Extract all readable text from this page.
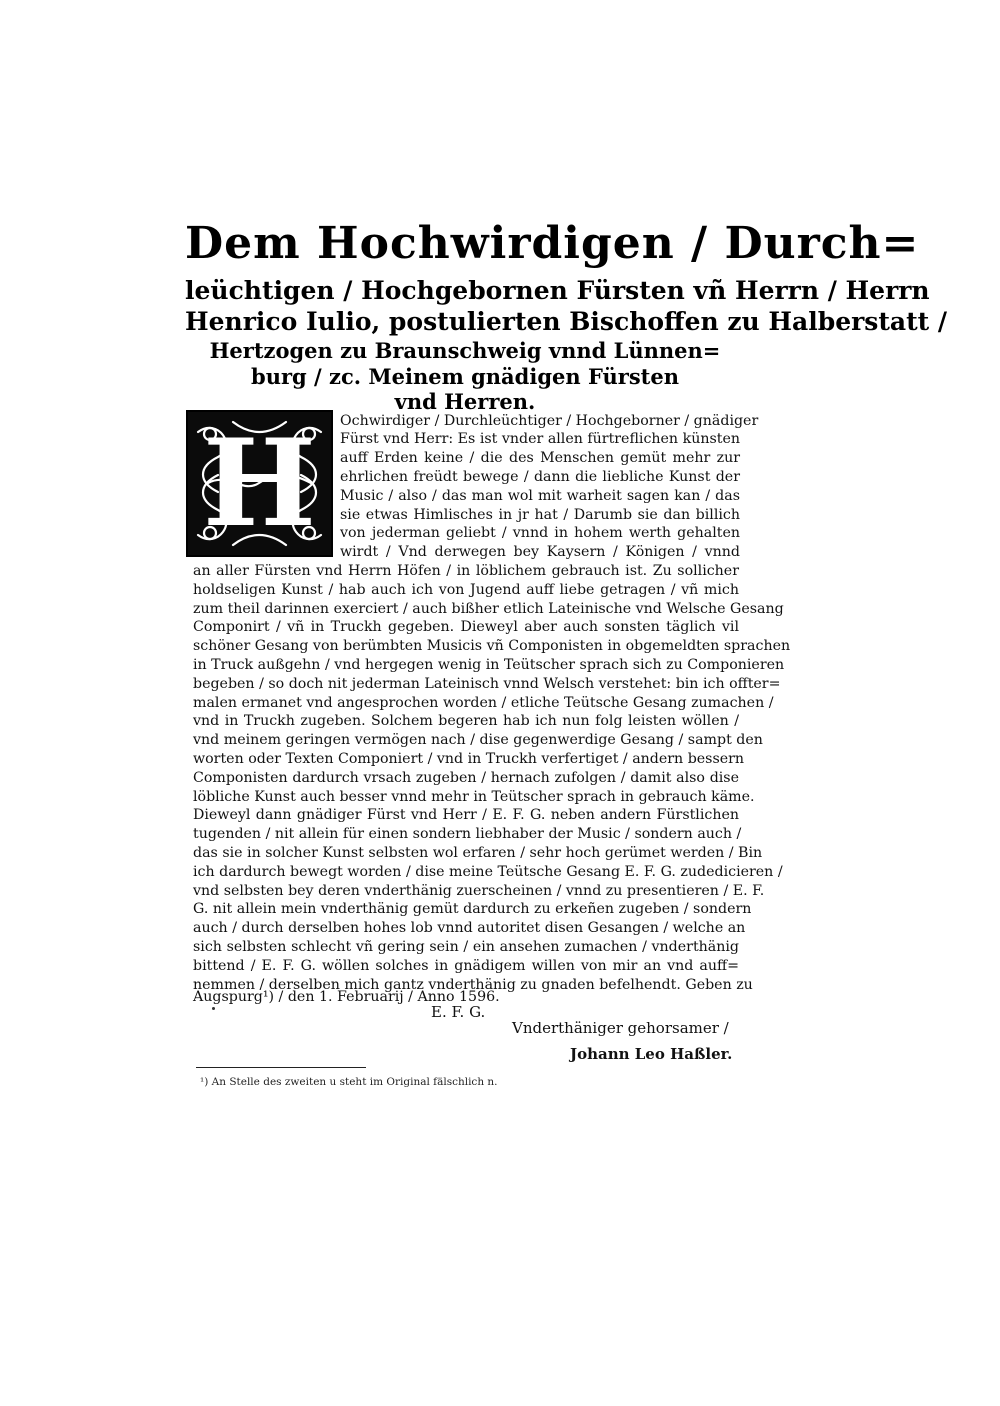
Dem Hochwirdigen / Durch=
leüchtigen / Hochgebornen Fürsten vñ Herrn / Herrn
Henrico Iulio, postulierten Bischoffen zu Halberstatt /
Hertzogen zu Braunschweig vnnd Lünnen=
burg / zc. Meinem gnädigen Fürsten
vnd Herren.
H	Ochwirdiger / Durchleüchtiger / Hochgeborner / gnädiger
Fürst vnd Herr: Es ist vnder allen fürtreflichen künsten
auff Erden keine / die des Menschen gemüt mehr zur
ehrlichen freüdt bewege / dann die liebliche Kunst der
Music / also / das man wol mit warheit sagen kan / das
sie etwas Himlisches in jr hat / Darumb sie dan billich
von jederman geliebt / vnnd in hohem werth gehalten
wirdt / Vnd derwegen bey Kaysern / Königen / vnnd
an aller Fürsten vnd Herrn Höfen / in löblichem gebrauch ist. Zu sollicher
holdseligen Kunst / hab auch ich von Jugend auff liebe getragen / vñ mich
zum theil darinnen exerciert / auch bißher etlich Lateinische vnd Welsche Gesang
Componirt / vñ in Truckh gegeben. Dieweyl aber auch sonsten täglich vil
schöner Gesang von berümbten Musicis vñ Componisten in obgemeldten sprachen
in Truck außgehn / vnd hergegen wenig in Teütscher sprach sich zu Componieren
begeben / so doch nit jederman Lateinisch vnnd Welsch verstehet: bin ich offter=
malen ermanet vnd angesprochen worden / etliche Teütsche Gesang zumachen /
vnd in Truckh zugeben. Solchem begeren hab ich nun folg leisten wöllen /
vnd meinem geringen vermögen nach / dise gegenwerdige Gesang / sampt den
worten oder Texten Componiert / vnd in Truckh verfertiget / andern bessern
Componisten dardurch vrsach zugeben / hernach zufolgen / damit also dise
löbliche Kunst auch besser vnnd mehr in Teütscher sprach in gebrauch käme.
Dieweyl dann gnädiger Fürst vnd Herr / E. F. G. neben andern Fürstlichen
tugenden / nit allein für einen sondern liebhaber der Music / sondern auch /
das sie in solcher Kunst selbsten wol erfaren / sehr hoch gerümet werden / Bin
ich dardurch bewegt worden / dise meine Teütsche Gesang E. F. G. zudedicieren /
vnd selbsten bey deren vnderthänig zuerscheinen / vnnd zu presentieren / E. F.
G. nit allein mein vnderthänig gemüt dardurch zu erkeñen zugeben / sondern
auch / durch derselben hohes lob vnnd autoritet disen Gesangen / welche an
sich selbsten schlecht vñ gering sein / ein ansehen zumachen / vnderthänig
bittend / E. F. G. wöllen solches in gnädigem willen von mir an vnd auff=
nemmen / derselben mich gantz vnderthänig zu gnaden befelhendt. Geben zu
Augspurg¹) / den 1. Februarij / Anno 1596.
E. F. G.
Vnderthäniger gehorsamer /
Johann Leo Haßler.
¹) An Stelle des zweiten u steht im Original fälschlich n.
